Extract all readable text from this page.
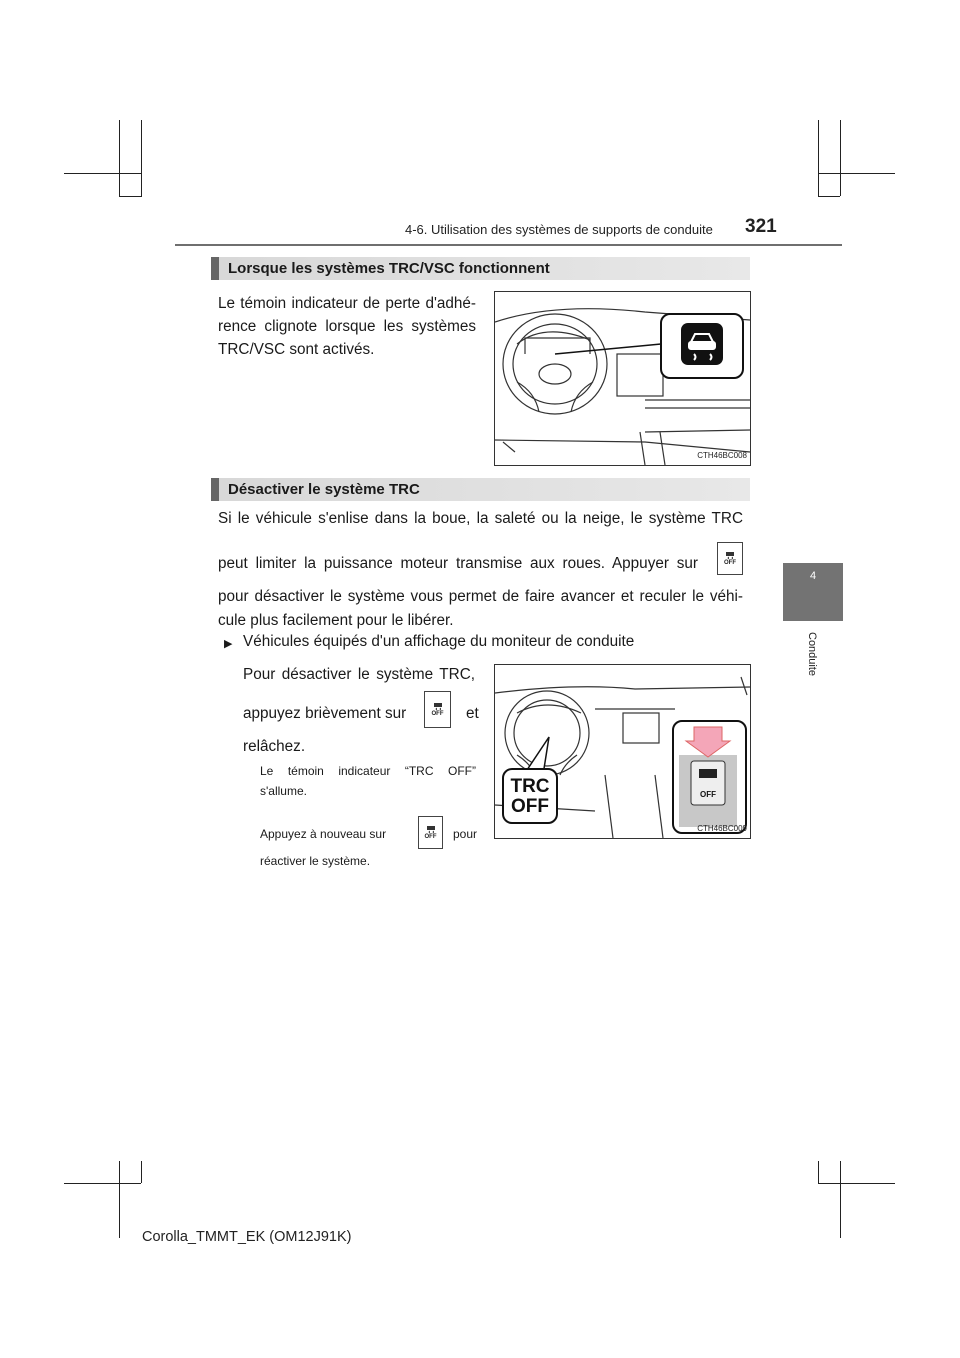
4-6. Utilisation des systèmes de supports de conduite 321
4
Conduite
Lorsque les systèmes TRC/VSC fonctionnent
Le témoin indicateur de perte d'adhé-
rence clignote lorsque les systèmes
TRC/VSC sont activés.
CTH46BC008
Désactiver le système TRC
Si le véhicule s'enlise dans la boue, la saleté ou la neige, le système TRC
peut limiter la puissance moteur transmise aux roues. Appuyer sur	OFF
pour désactiver le système vous permet de faire avancer et reculer le véhi-
cule plus facilement pour le libérer.
▶ Véhicules équipés d'un affichage du moniteur de conduite
Pour désactiver le système TRC,
appuyez brièvement sur	OFF et
relâchez.
Le témoin indicateur “TRC OFF”
s'allume.
Appuyez à nouveau sur	OFF pour
réactiver le système.
OFF
TRC
OFF
CTH46BC009
Corolla_TMMT_EK (OM12J91K)
